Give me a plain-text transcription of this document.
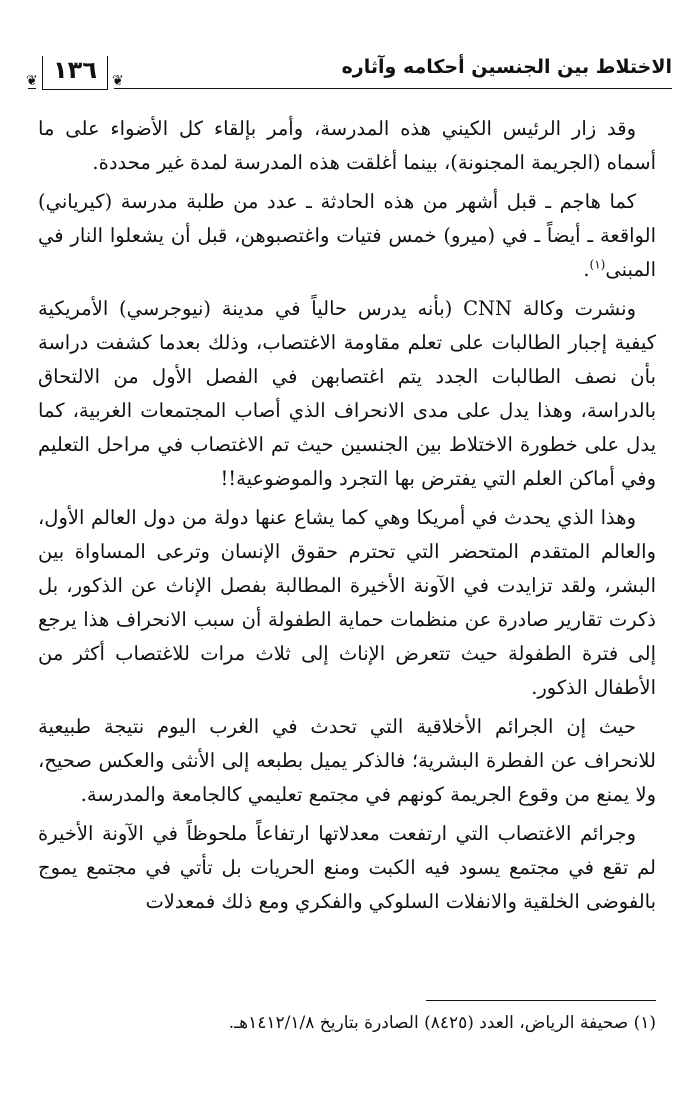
الاختلاط بين الجنسين أحكامه وآثاره
١٣٦
❦	❦

وقد زار الرئيس الكيني هذه المدرسة، وأمر بإلقاء كل الأضواء على ما أسماه (الجريمة المجنونة)، بينما أغلقت هذه المدرسة لمدة غير محددة.

كما هاجم ـ قبل أشهر من هذه الحادثة ـ عدد من طلبة مدرسة (كيرياني) الواقعة ـ أيضاً ـ في (ميرو) خمس فتيات واغتصبوهن، قبل أن يشعلوا النار في المبنى$^{(١)}$.

ونشرت وكالة CNN (بأنه يدرس حالياً في مدينة (نيوجرسي) الأمريكية كيفية إجبار الطالبات على تعلم مقاومة الاغتصاب، وذلك بعدما كشفت دراسة بأن نصف الطالبات الجدد يتم اغتصابهن في الفصل الأول من الالتحاق بالدراسة، وهذا يدل على مدى الانحراف الذي أصاب المجتمعات الغربية، كما يدل على خطورة الاختلاط بين الجنسين حيث تم الاغتصاب في مراحل التعليم وفي أماكن العلم التي يفترض بها التجرد والموضوعية!!

وهذا الذي يحدث في أمريكا وهي كما يشاع عنها دولة من دول العالم الأول، والعالم المتقدم المتحضر التي تحترم حقوق الإنسان وترعى المساواة بين البشر، ولقد تزايدت في الآونة الأخيرة المطالبة بفصل الإناث عن الذكور، بل ذكرت تقارير صادرة عن منظمات حماية الطفولة أن سبب الانحراف هذا يرجع إلى فترة الطفولة حيث تتعرض الإناث إلى ثلاث مرات للاغتصاب أكثر من الأطفال الذكور.

حيث إن الجرائم الأخلاقية التي تحدث في الغرب اليوم نتيجة طبيعية للانحراف عن الفطرة البشرية؛ فالذكر يميل بطبعه إلى الأنثى والعكس صحيح، ولا يمنع من وقوع الجريمة كونهم في مجتمع تعليمي كالجامعة والمدرسة.

وجرائم الاغتصاب التي ارتفعت معدلاتها ارتفاعاً ملحوظاً في الآونة الأخيرة لم تقع في مجتمع يسود فيه الكبت ومنع الحريات بل تأتي في مجتمع يموج بالفوضى الخلقية والانفلات السلوكي والفكري ومع ذلك فمعدلات

(١) صحيفة الرياض، العدد (٨٤٢٥) الصادرة بتاريخ ١٤١٢/١/٨هـ.
